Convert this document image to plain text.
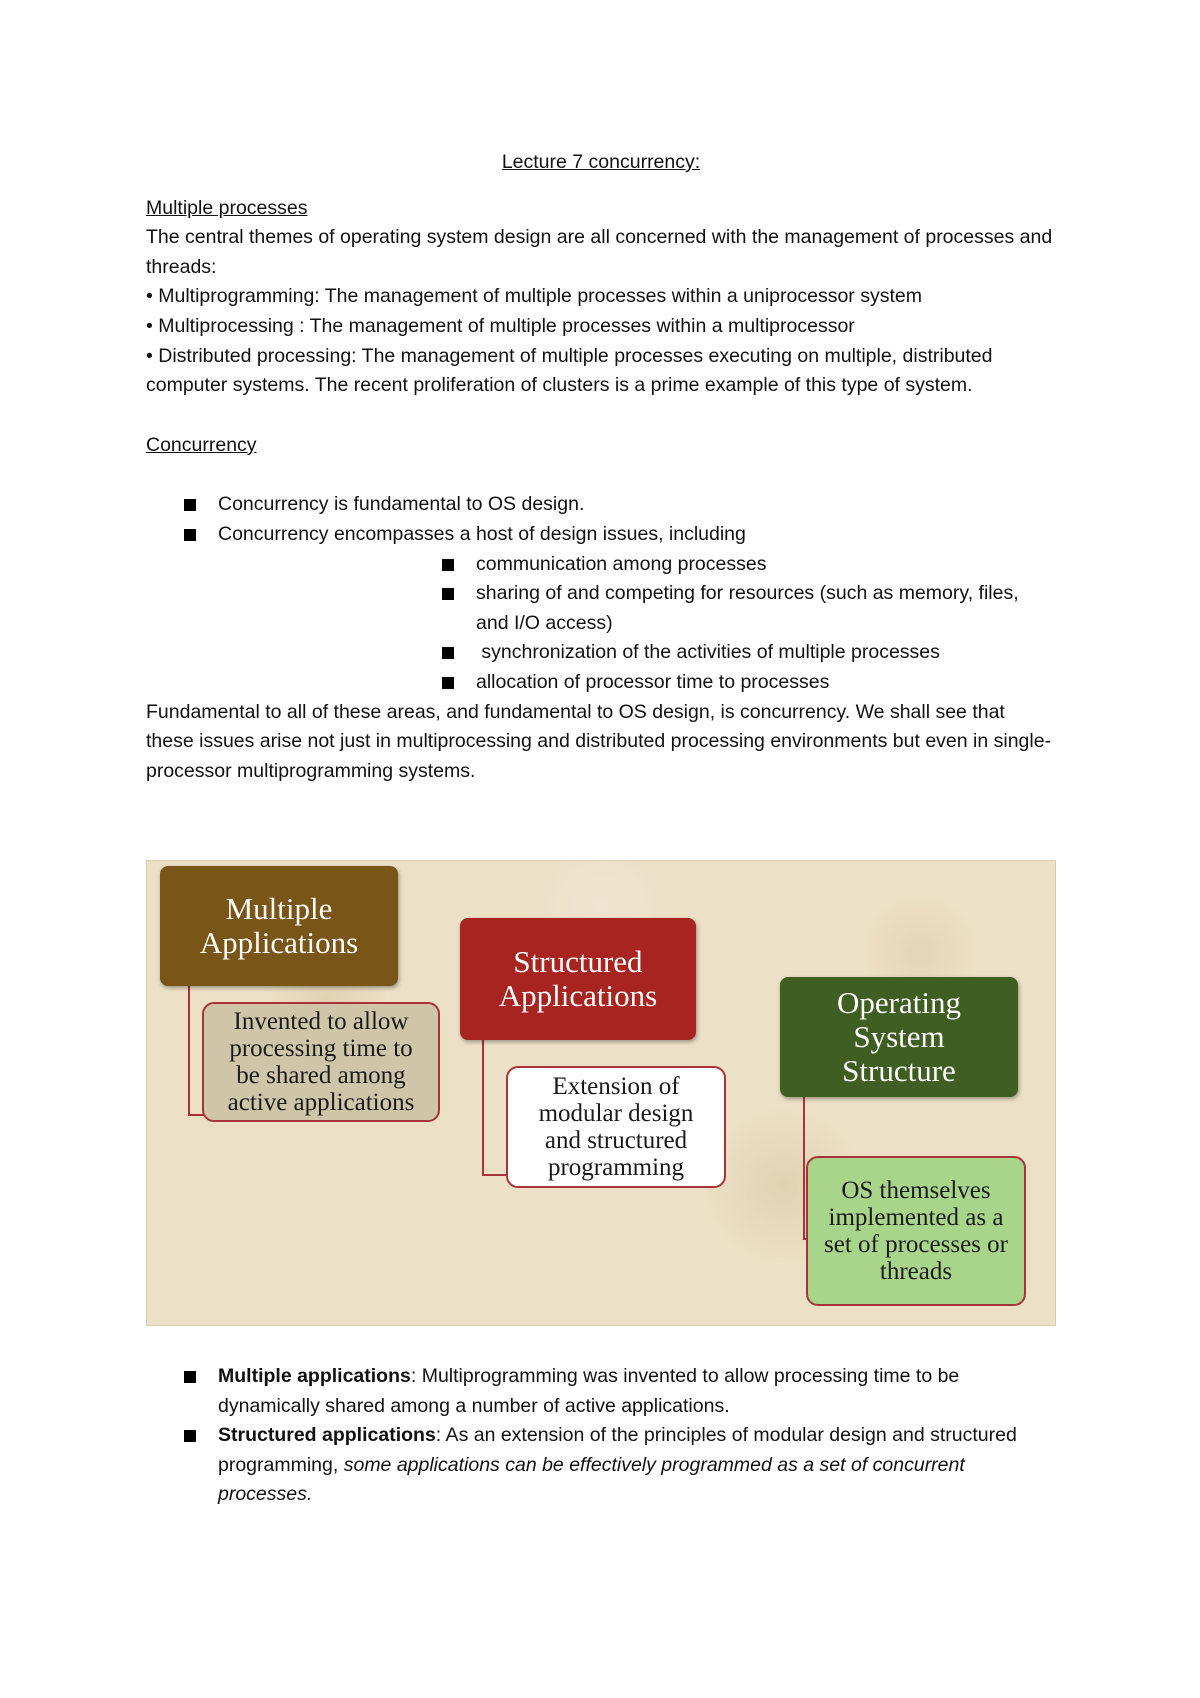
Lecture 7 concurrency:

Multiple processes

The central themes of operating system design are all concerned with the management of processes and threads:

• Multiprogramming: The management of multiple processes within a uniprocessor system

• Multiprocessing : The management of multiple processes within a multiprocessor

• Distributed processing: The management of multiple processes executing on multiple, distributed computer systems. The recent proliferation of clusters is a prime example of this type of system.

Concurrency
Concurrency is fundamental to OS design.
Concurrency encompasses a host of design issues, including
communication among processes
sharing of and competing for resources (such as memory, files, and I/O access)
synchronization of the activities of multiple processes
allocation of processor time to processes

Fundamental to all of these areas, and fundamental to OS design, is concurrency. We shall see that these issues arise not just in multiprocessing and distributed processing environments but even in single-processor multiprogramming systems.

Multiple Applications
Invented to allow processing time to be shared among active applications
Structured Applications
Extension of modular design and structured programming
Operating System Structure
OS themselves implemented as a set of processes or threads
Multiple applications: Multiprogramming was invented to allow processing time to be dynamically shared among a number of active applications.
Structured applications: As an extension of the principles of modular design and structured programming, some applications can be effectively programmed as a set of concurrent processes.
